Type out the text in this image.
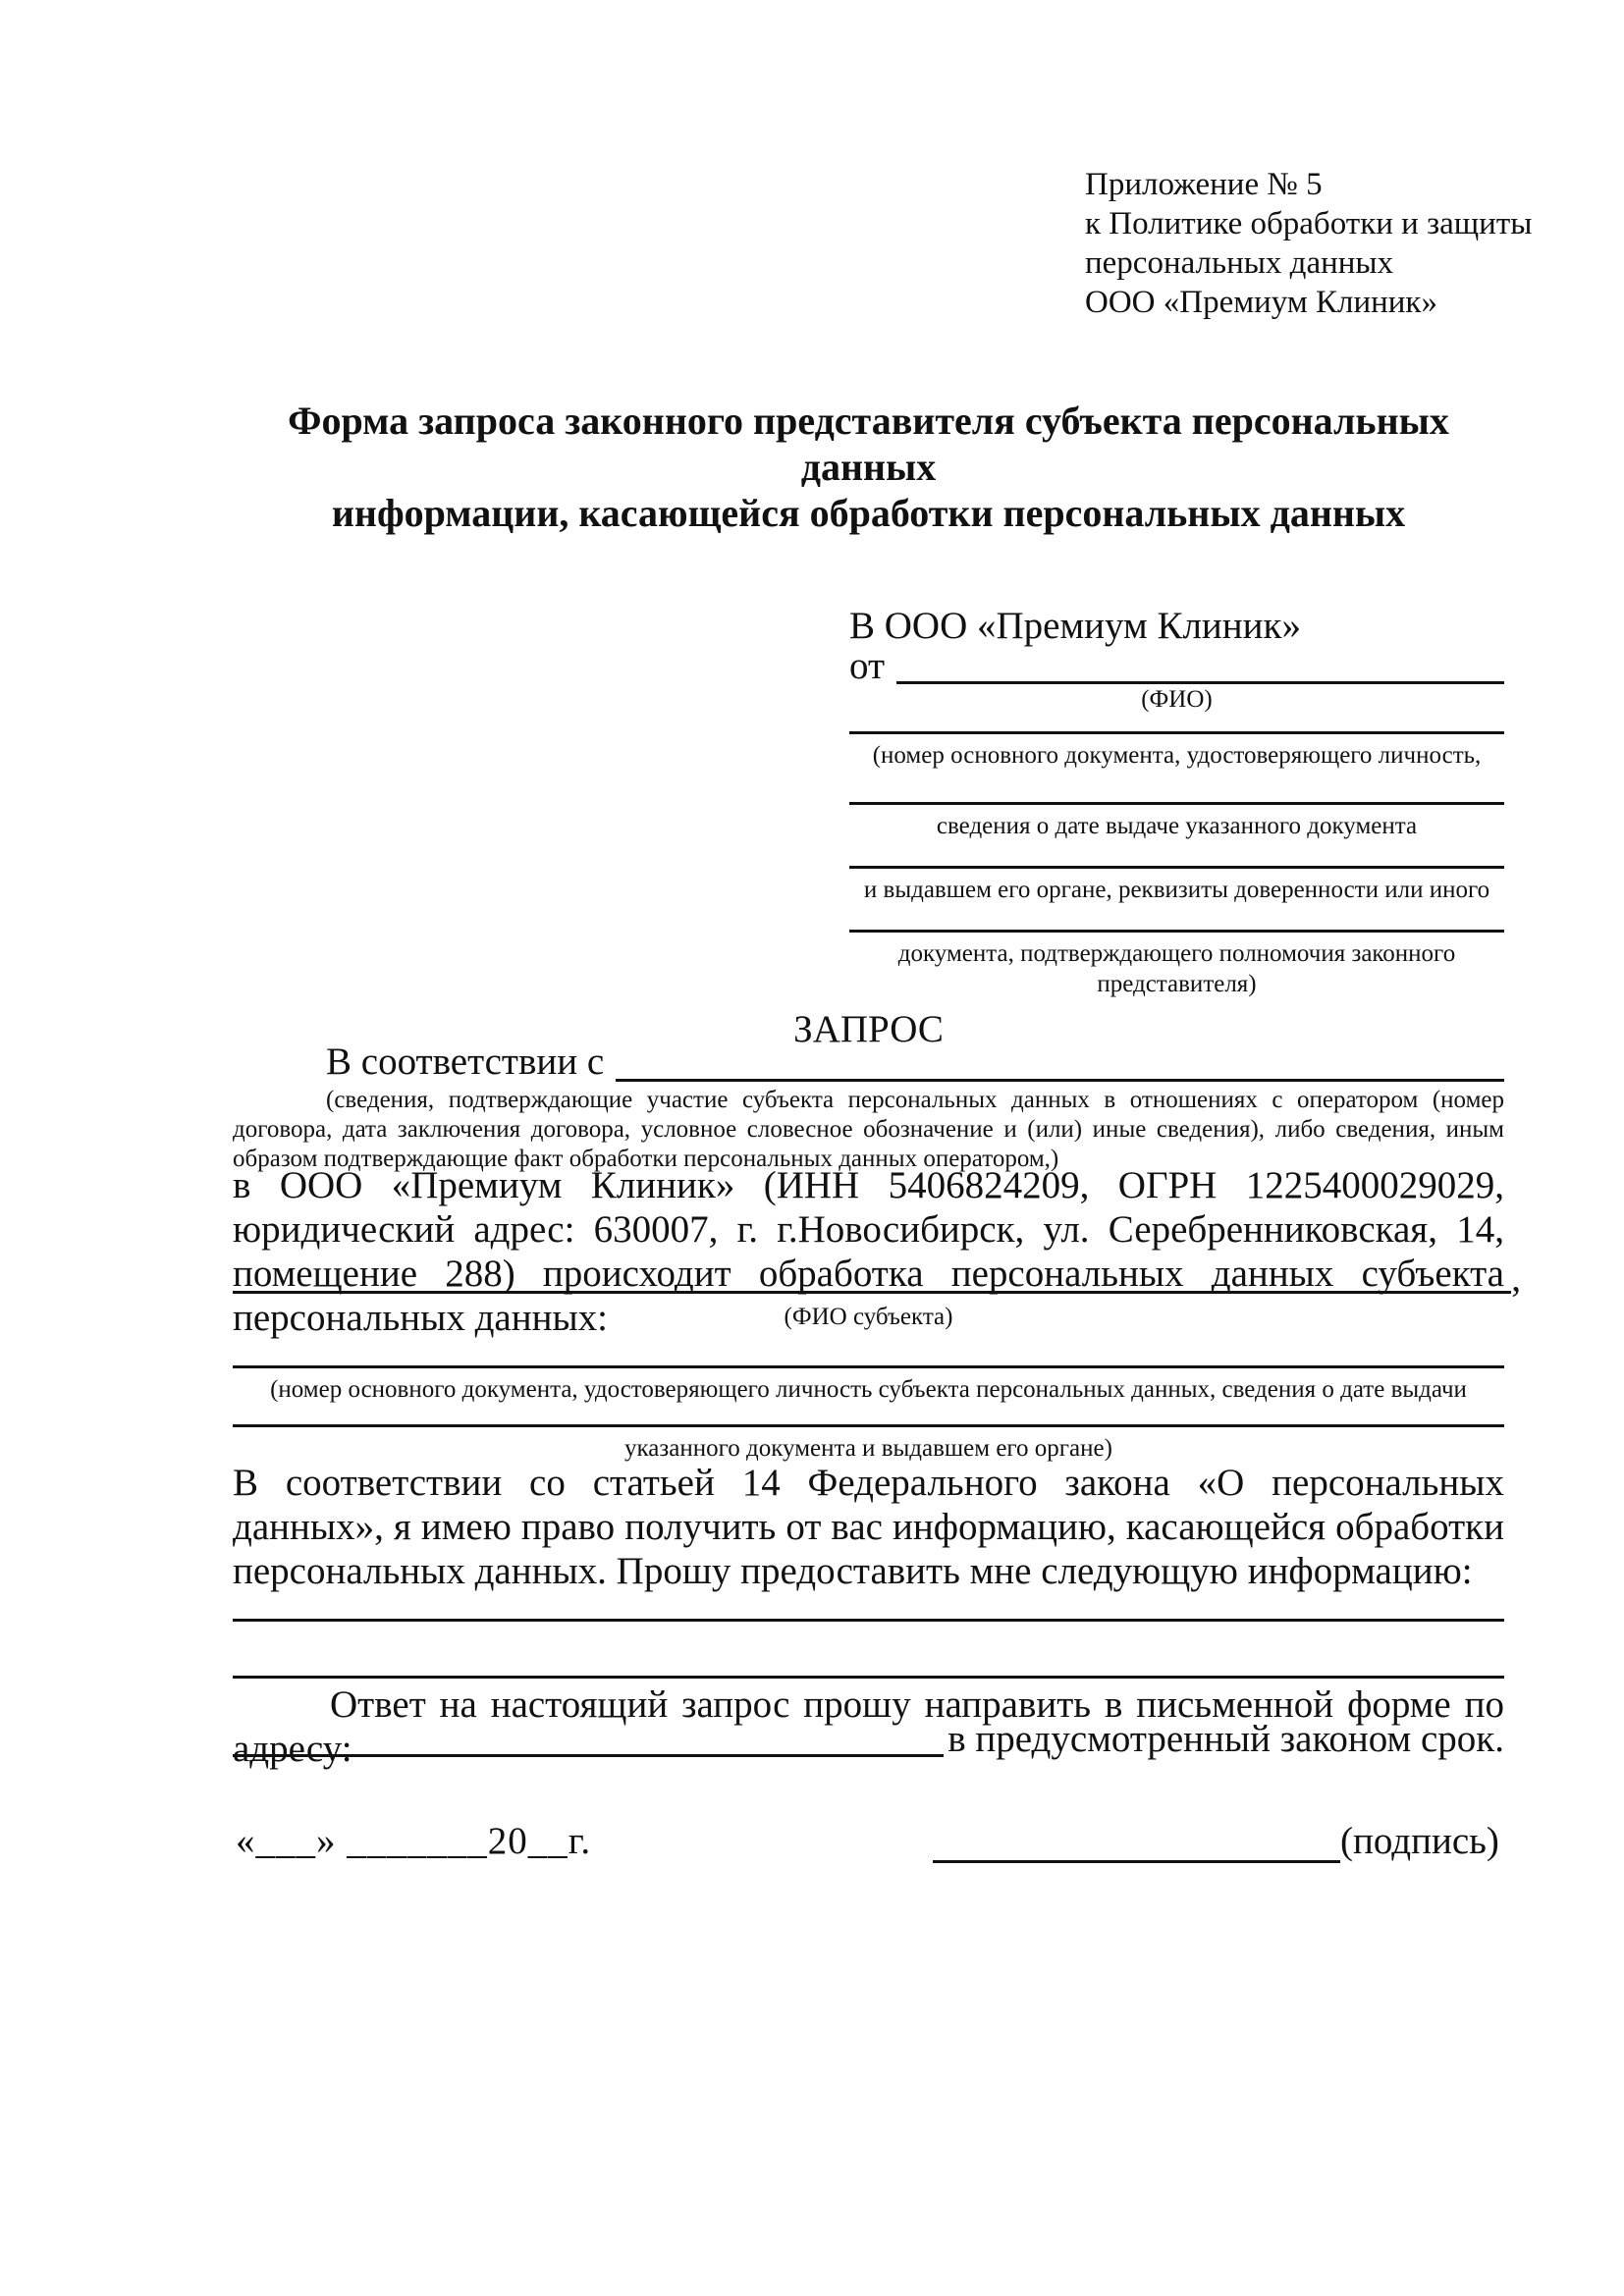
Приложение № 5
к Политике обработки и защиты
персональных данных
ООО «Премиум Клиник»
Форма запроса законного представителя субъекта персональных данных
информации, касающейся обработки персональных данных
В ООО «Премиум Клиник»
от
(ФИО)
(номер основного документа, удостоверяющего личность,
сведения о дате выдаче указанного документа
и выдавшем его органе, реквизиты доверенности или иного
документа, подтверждающего полномочия законного представителя)
ЗАПРОС
В соответствии с
(сведения, подтверждающие участие субъекта персональных данных в отношениях с оператором (номер договора, дата заключения договора, условное словесное обозначение и (или) иные сведения), либо сведения, иным образом подтверждающие факт обработки персональных данных оператором,)

в ООО «Премиум Клиник» (ИНН 5406824209, ОГРН 1225400029029, юридический адрес: 630007, г. г.Новосибирск, ул. Серебренниковская, 14, помещение 288) происходит обработка персональных данных субъекта персональных данных:

,
(ФИО субъекта)
(номер основного документа, удостоверяющего личность субъекта персональных данных, сведения о дате выдачи
указанного документа и выдавшем его органе)

В соответствии со статьей 14 Федерального закона «О персональных данных», я имею право получить от вас информацию, касающейся обработки персональных данных. Прошу предоставить мне следующую информацию:

Ответ на настоящий запрос прошу направить в письменной форме по адресу:	в предусмотренный законом срок.
«___» _______20__г.	(подпись)
